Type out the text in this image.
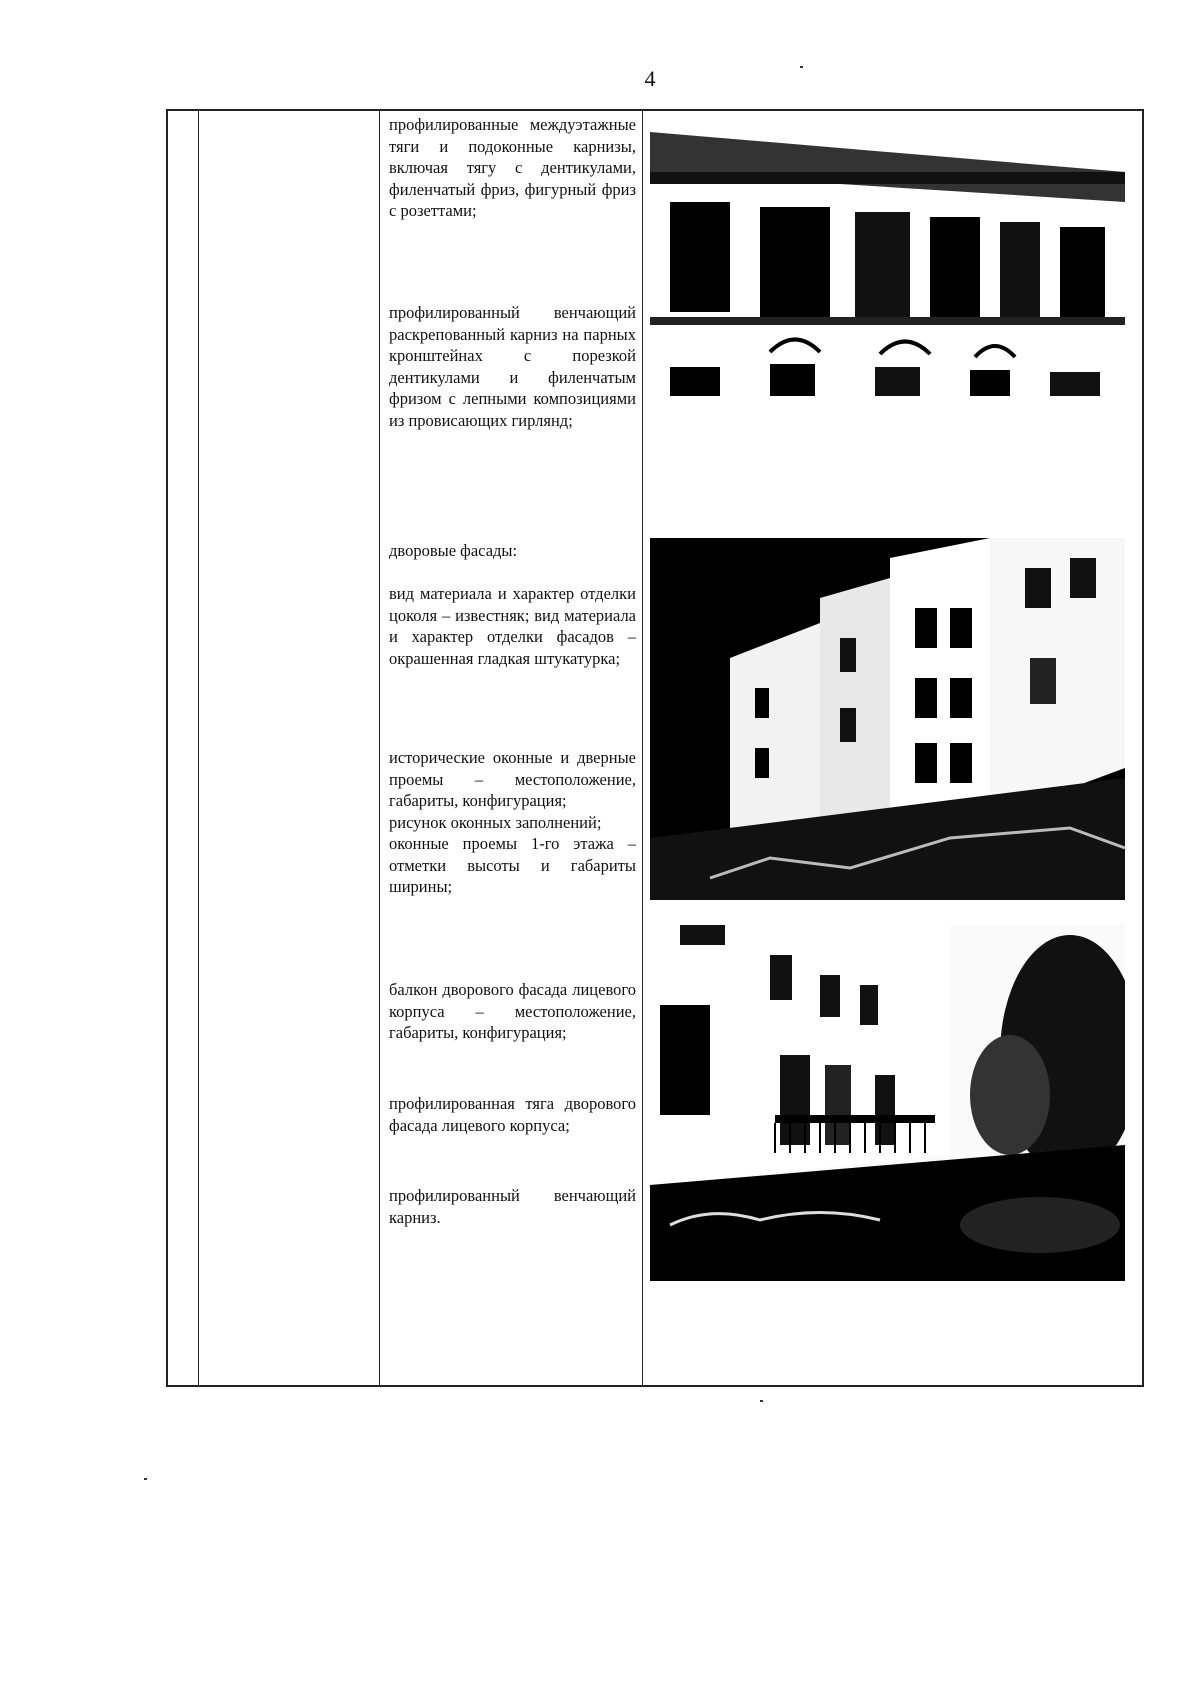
4

профилированные междуэтажные тяги и подоконные карнизы, включая тягу с дентикулами, филенчатый фриз, фигурный фриз с розеттами;

профилированный венчающий раскрепованный карниз на парных кронштейнах с порезкой дентикулами и филенчатым фризом с лепными композициями из провисающих гирлянд;

дворовые фасады:

вид материала и характер отделки цоколя – известняк; вид материала и характер отделки фасадов – окрашенная гладкая штукатурка;

исторические оконные и дверные проемы – местоположение, габариты, конфигурация;

рисунок оконных заполнений;

оконные проемы 1-го этажа – отметки высоты и габариты ширины;

балкон дворового фасада лицевого корпуса – местоположение, габариты, конфигурация;

профилированная тяга дворового фасада лицевого корпуса;

профилированный венчающий карниз.
